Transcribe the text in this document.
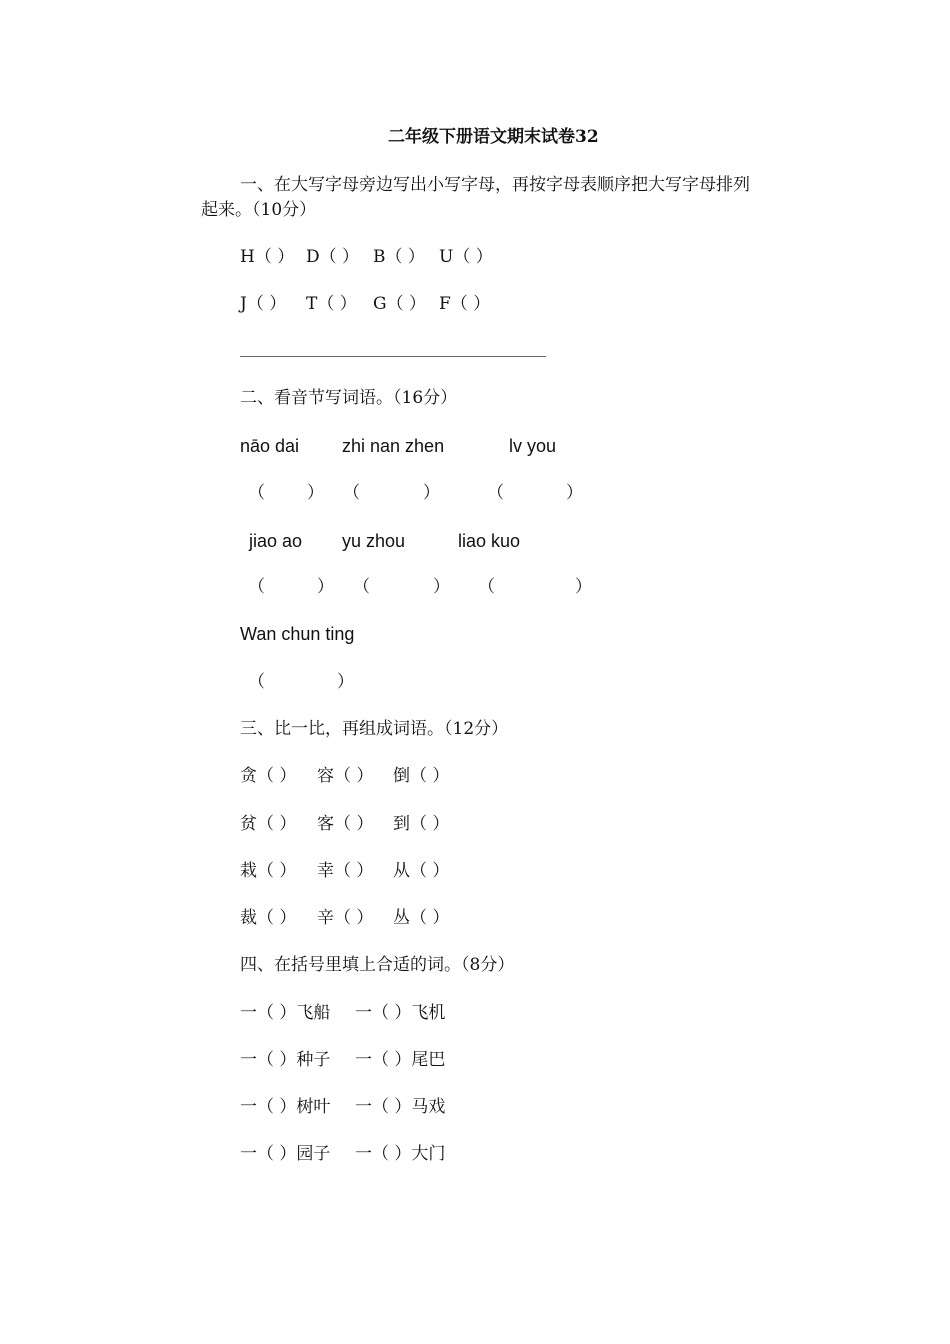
二年级下册语文期末试卷32
一、在大写字母旁边写出小写字母，再按字母表顺序把大写字母排列
起来。（10分）
H（ ） D（ ） B（ ） U（ ）
J（ ） T（ ） G（ ） F（ ）
二、看音节写词语。（16分）
nāo dai zhi nan zhen	lv you
（ ） （	）	（	）
jiao ao yu zhou	liao kuo
（	） （	） （	）
Wan chun ting
（	）
三、比一比，再组成词语。（12分）
贪（ ） 容（ ） 倒（ ）
贫（ ） 客（ ） 到（ ）
栽（ ） 幸（ ） 从（ ）
裁（ ） 辛（ ） 丛（ ）
四、在括号里填上合适的词。（8分）
一（ ）飞船 一（ ）飞机
一（ ）种子 一（ ）尾巴
一（ ）树叶 一（ ）马戏
一（ ）园子 一（ ）大门
